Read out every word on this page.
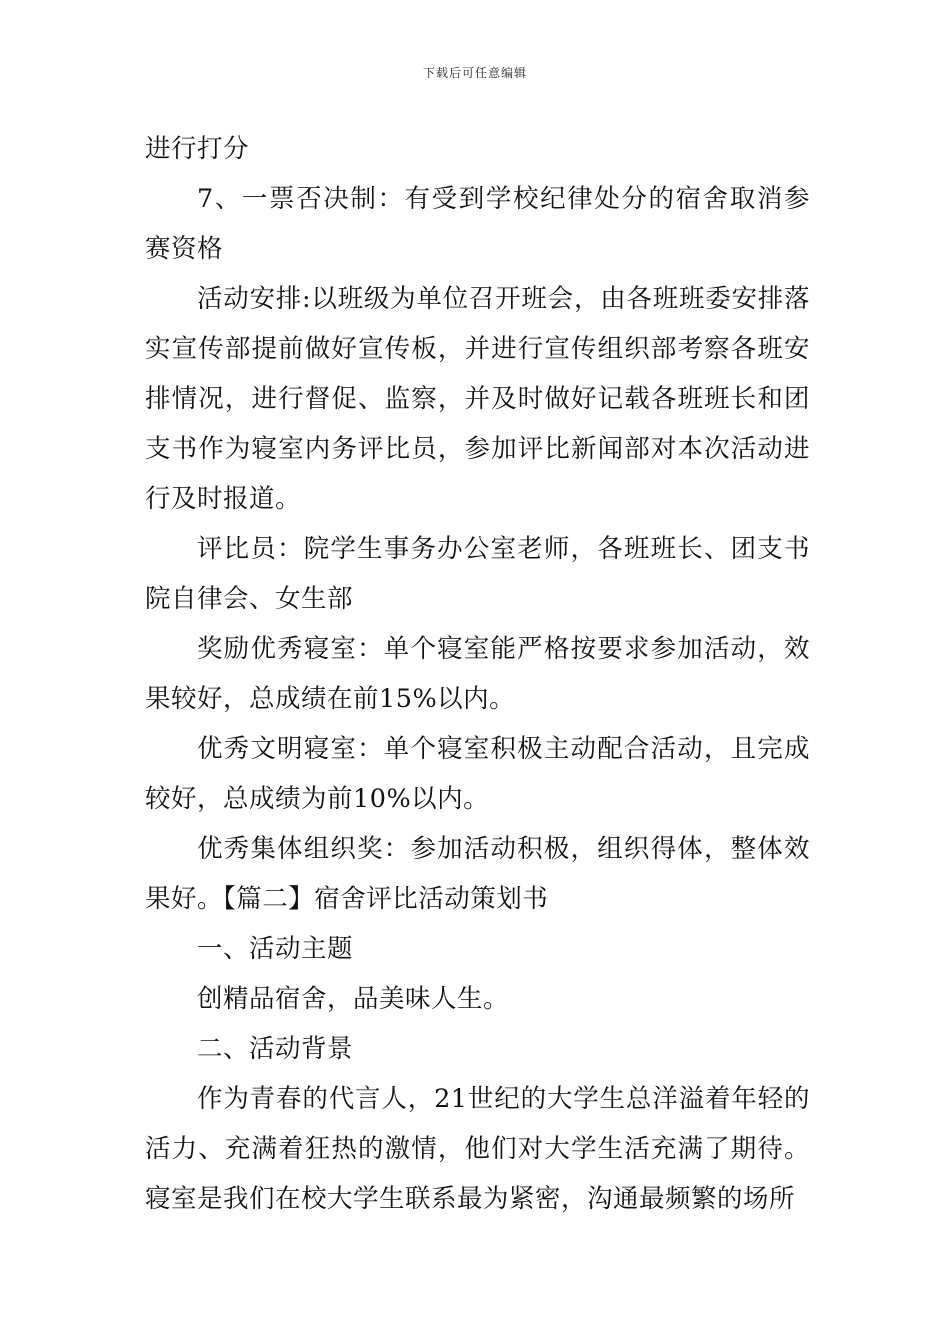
下载后可任意编辑

进行打分

7、一票否决制：有受到学校纪律处分的宿舍取消参赛资格

活动安排:以班级为单位召开班会，由各班班委安排落实宣传部提前做好宣传板，并进行宣传组织部考察各班安排情况，进行督促、监察，并及时做好记载各班班长和团支书作为寝室内务评比员，参加评比新闻部对本次活动进行及时报道。

评比员：院学生事务办公室老师，各班班长、团支书院自律会、女生部

奖励优秀寝室：单个寝室能严格按要求参加活动，效果较好，总成绩在前15%以内。

优秀文明寝室：单个寝室积极主动配合活动，且完成较好，总成绩为前10%以内。

优秀集体组织奖：参加活动积极，组织得体，整体效果好。【篇二】宿舍评比活动策划书

一、活动主题

创精品宿舍，品美味人生。

二、活动背景

作为青春的代言人，21世纪的大学生总洋溢着年轻的活力、充满着狂热的激情，他们对大学生活充满了期待。寝室是我们在校大学生联系最为紧密，沟通最频繁的场所
